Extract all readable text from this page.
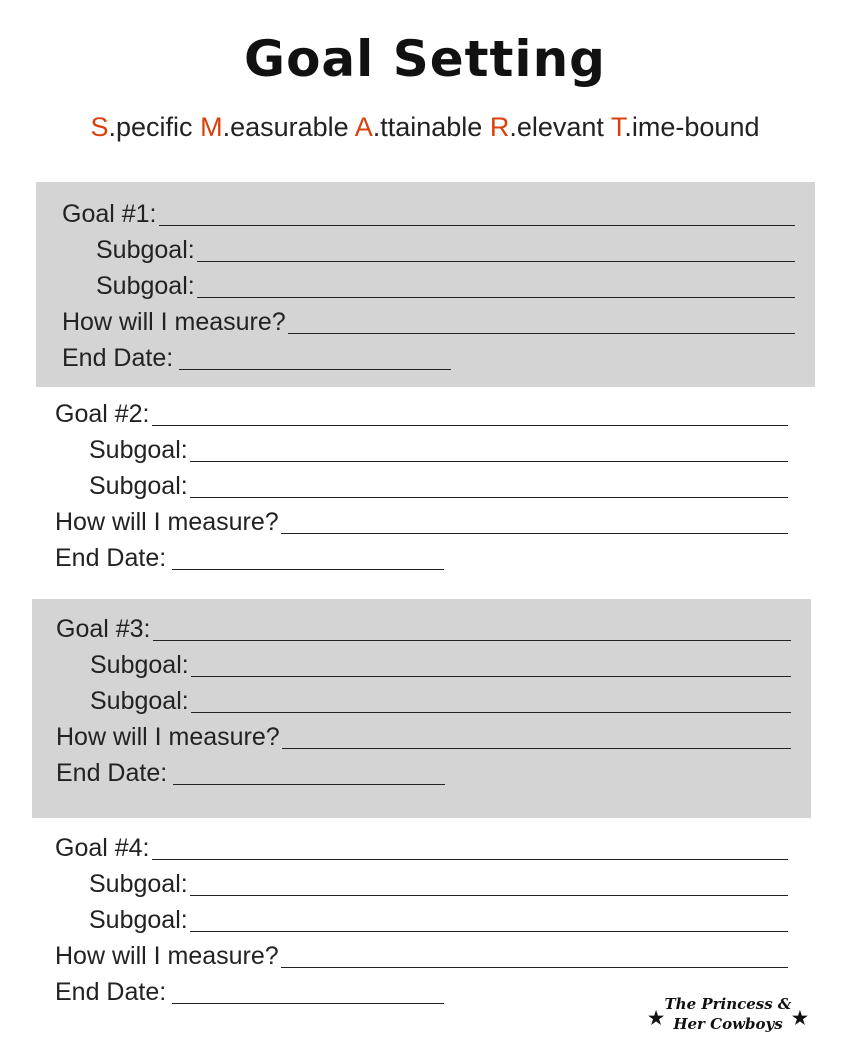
Goal Setting
S.pecific M.easurable A.ttainable R.elevant T.ime-bound
Goal #1:
Subgoal:
Subgoal:
How will I measure?
End Date:
Goal #2:
Subgoal:
Subgoal:
How will I measure?
End Date:
Goal #3:
Subgoal:
Subgoal:
How will I measure?
End Date:
Goal #4:
Subgoal:
Subgoal:
How will I measure?
End Date:
★
The Princess &
Her Cowboys ★
